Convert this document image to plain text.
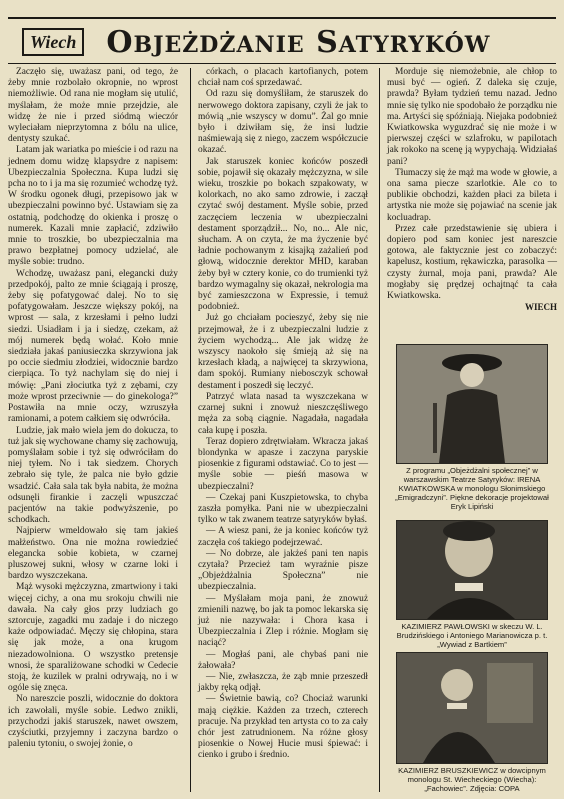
Wiech OBJEŻDŻANIE SATYRYKÓW

Zaczęło się, uważasz pani, od tego, że żeby mnie rozbolało okropnie, no wprost niemożliwie. Od rana nie mogłam się utulić, myślałam, że może mnie przejdzie, ale widzę że nie i przed siódmą wieczór wyleciałam nieprzytomna z bólu na ulice, dentysty szukać.

Latam jak wariatka po mieście i od razu na jednem domu widzę klapsydre z napisem: Ubezpieczalnia Społeczna. Kupa ludzi się pcha no to i ja ma się rozumieć wchodzę tyż. W środku ogonek długi, przepisowo jak w ubezpieczalni powinno być. Ustawiam się za ostatnią, podchodzę do okienka i proszę o numerek. Kazali mnie zapłacić, zdziwiło mnie to troszkie, bo ubezpieczalnia ma prawo bezpłatnej pomocy udzielać, ale myśle sobie: trudno.

Wchodzę, uważasz pani, elegancki duży przedpokój, palto ze mnie ściągają i proszę, żeby się pofatygować dalej. No to się pofatygowałam. Jeszcze większy pokój, na wprost — sala, z krzesłami i pełno ludzi siedzi. Usiadłam i ja i siedzę, czekam, aż mój numerek będą wołać. Koło mnie siedziała jakaś paniusieczka skrzywiona jak po occie siedmiu złodziei, widocznie bardzo cierpiąca. To tyż nachylam się do niej i mówię: „Pani złociutka tyż z zębami, czy może wprost przeciwnie — do ginekologa?” Postawiła na mnie oczy, wzruszyła ramionami, a potem całkiem się odwróciła.

Ludzie, jak mało wiela jem do dokucza, to tuż jak się wychowane chamy się zachowują, pomyślałam sobie i tyż się odwróciłam do niej tyłem. No i tak siedzem. Chorych zebrało się tyle, że palca nie było gdzie wsadzić. Cała sala tak była nabita, że można odsunęli firankie i zaczęli wpuszczać pacjentów na takie podwyższenie, po schodkach.

Najpierw wmeldowało się tam jakieś małżeństwo. Ona nie można rowiedzieć elegancka sobie kobieta, w czarnej pluszowej sukni, włosy w czarne loki i bardzo wyszczekana.

Mąż wysoki mężczyzna, zmartwiony i taki więcej cichy, a ona mu srokoju chwili nie dawała. Na cały głos przy ludziach go sztorcuje, zagadki mu zadaje i do niczego każe odpowiadać. Męczy się chłopina, stara się jak może, a ona krugom niezadowolniona. O wszystko pretensje wnosi, że sparaliżowane schodki w Cedecie stoją, że kuzilek w pralni odrywają, no i w ogóle się znęca.

No nareszcie poszli, widocznie do doktora ich zawołali, myśle sobie. Ledwo znikli, przychodzi jakiś staruszek, nawet owszem, czyściutki, przyjemny i zaczyna bardzo o paleniu tytoniu, o swojej żonie, o

córkach, o placach kartofianych, potem chciał nam coś sprzedawać.

Od razu się domyśliłam, że staruszek do nerwowego doktora zapisany, czyli że jak to mówią „nie wszyscy w domu”. Żal go mnie było i dziwiłam się, że insi ludzie naśmiewają się z niego, zaczem współczucie okazać.

Jak staruszek koniec końców poszedł sobie, pojawił się okazały mężczyzna, w sile wieku, troszkie po bokach szpakowaty, w kolorkach, no ako samo zdrowie, i zaczął czytać swój destament. Myśle sobie, przed zaczęciem leczenia w ubezpieczalni destament sporządził... No, no... Ale nic, słucham. A on czyta, że ma życzenie być ładnie pochowanym z kisajką zażalień pod głową, widocznie derektor MHD, karaban żeby był w cztery konie, co do trumienki tyż bardzo wymagalny się okazał, nekrologia ma być zamieszczona w Expressie, i temuż podobnież.

Już go chciałam pocieszyć, żeby się nie przejmował, że i z ubezpieczalni ludzie z życiem wychodzą... Ale jak widzę że wszyscy naokoło się śmieją aż się na krzesłach kładą, a najwięcej ta skrzywiona, dam spokój. Rumiany niebosczyk schował destament i poszedł się leczyć.

Patrzyć wlata nasad ta wyszczekana w czarnej sukni i znowuż nieszczęśliwego męża za sobą ciągnie. Nagadała, nagadała cała kupę i poszła.

Teraz dopiero zdrętwiałam. Wkracza jakaś blondynka w apasze i zaczyna paryskie piosenkie z figurami odstawiać. Co to jest — myśle sobie — pieśń masowa w ubezpieczalni?

— Czekaj pani Kuszpietowska, to chyba zaszła pomyłka. Pani nie w ubezpieczalni tylko w tak zwanem teatrze satyryków byłaś.

— A wiesz pani, że ja koniec końców tyż zaczęła coś takiego podejrzewać.

— No dobrze, ale jakżeś pani ten napis czytała? Przecież tam wyraźnie pisze „Objeżdżalnia Społeczna” nie ubezpieczalnia.

— Myślałam moja pani, że znowuż zmienili nazwę, bo jak ta pomoc lekarska się już nie nazywała: i Chora kasa i Ubezpieczalnia i Zlep i różnie. Mogłam się naciąć?

— Mogłaś pani, ale chybaś pani nie żałowała?

— Nie, zwłaszcza, że ząb mnie przeszedł jakby ręką odjął.

— Świetnie bawią, co? Chociaż warunki mają ciężkie. Każden za trzech, czterech pracuje. Na przykład ten artysta co to za cały chór jest zatrudnionem. Na różne głosy piosenkie o Nowej Hucie musi śpiewać: i cienko i grubo i średnio.

Morduje się niemożebnie, ale chłop to musi być — ogień. Z daleka się czuje, prawda? Byłam tydzień temu nazad. Jedno mnie się tylko nie spodobało że porządku nie ma. Artyści się spóźniają. Niejaka podobnież Kwiatkowska wyguzdrać się nie może i w pierwszej części w szlafroku, w papilotach jak rokoko na scenę ją wypychają. Widziałaś pani?

Tłumaczy się że mąż ma wode w głowie, a ona sama piecze szarlotkie. Ale co to publikie obchodzi, każden płaci za bileta i artystka nie może się pojawiać na scenie jak kocluadrap.

Przez całe przedstawienie się ubiera i dopiero pod sam koniec jest nareszcie gotowa, ale faktycznie jest co zobaczyć: kapelusz, kostium, rękawiczka, parasolka — czysty żurnal, moja pani, prawda? Ale mogłaby się prędzej ochajtnąć ta cała Kwiatkowska.

WIECH

Z programu „Objeżdżalni społecznej” w warszawskim Teatrze Satyryków: IRENA KWIATKOWSKA w monologu Słonimskiego „Emigradczyni”. Piękne dekoracje projektował Eryk Lipiński
KAZIMIERZ PAWŁOWSKI w skeczu W. L. Brudzińskiego i Antoniego Marianowicza p. t. „Wywiad z Bartkiem”
KAZIMIERZ BRUSZKIEWICZ w dowcipnym monologu St. Wiecheckiego (Wiecha): „Fachowiec”. Zdjęcia: COPA
